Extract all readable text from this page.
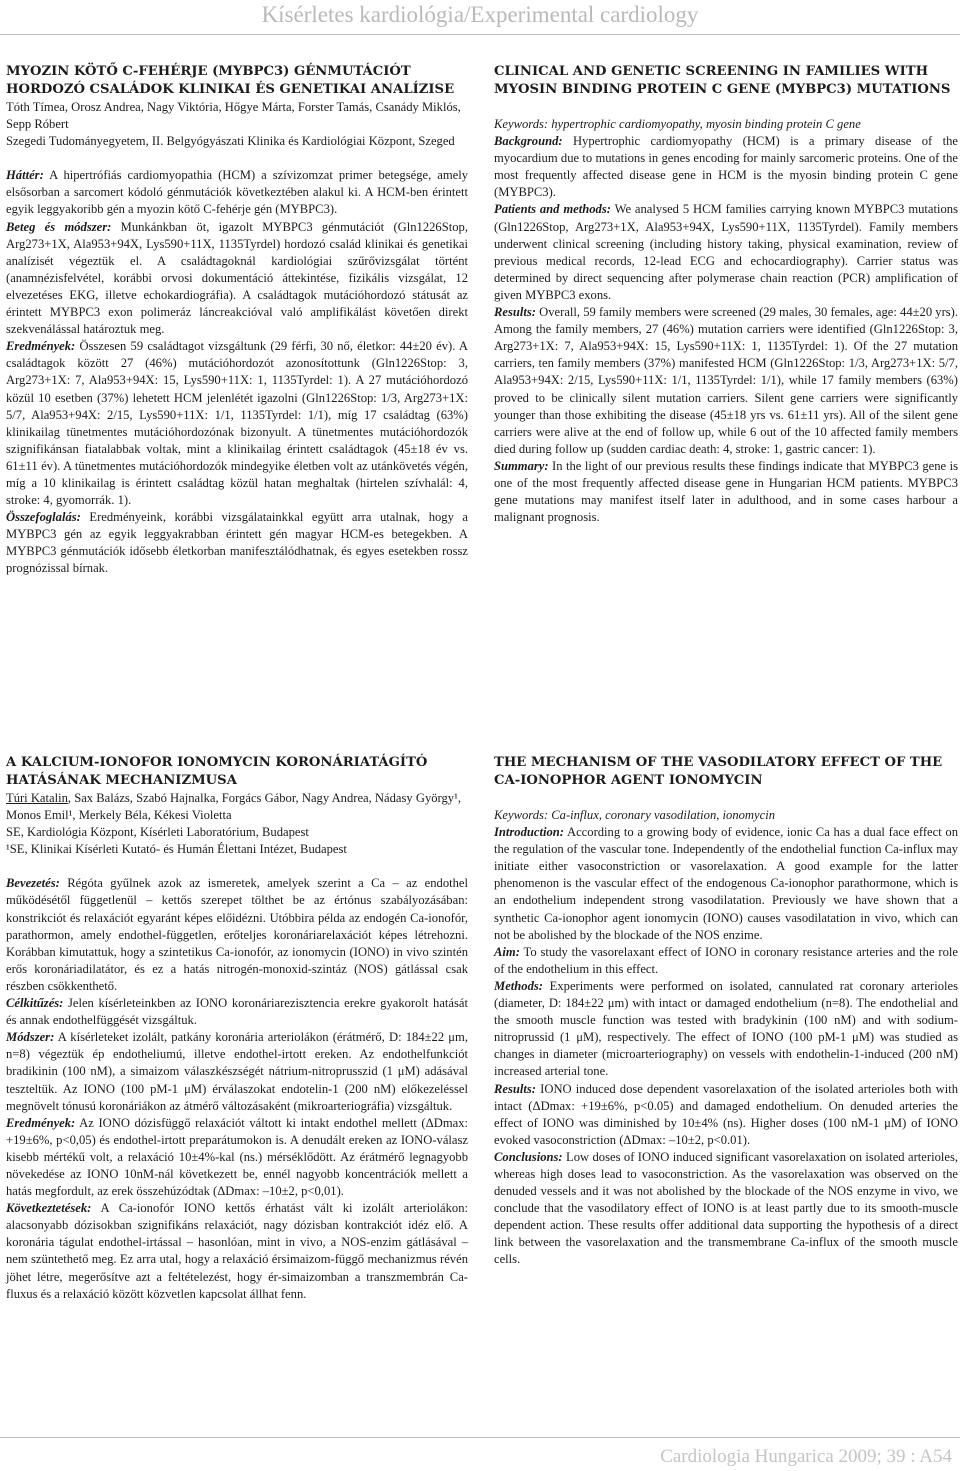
Kísérletes kardiológia/Experimental cardiology

MYOZIN KÖTŐ C-FEHÉRJE (MYBPC3) GÉNMUTÁCIÓT HORDOZÓ CSALÁDOK KLINIKAI ÉS GENETIKAI ANALÍZISE

Tóth Tímea, Orosz Andrea, Nagy Viktória, Hőgye Márta, Forster Tamás, Csanády Miklós, Sepp Róbert
Szegedi Tudományegyetem, II. Belgyógyászati Klinika és Kardiológiai Központ, Szeged

Háttér: A hipertrófiás cardiomyopathia (HCM) a szívizomzat primer betegsége, amely elsősorban a sarcomert kódoló génmutációk következtében alakul ki. A HCM-ben érintett egyik leggyakoribb gén a myozin kötő C-fehérje gén (MYBPC3).

Beteg és módszer: Munkánkban öt, igazolt MYBPC3 génmutációt (Gln1226Stop, Arg273+1X, Ala953+94X, Lys590+11X, 1135Tyrdel) hordozó család klinikai és genetikai analízisét végeztük el. A családtagoknál kardiológiai szűrővizsgálat történt (anamnézisfelvétel, korábbi orvosi dokumentáció áttekintése, fizikális vizsgálat, 12 elvezetéses EKG, illetve echokardiográfia). A családtagok mutációhordozó státusát az érintett MYBPC3 exon polimeráz láncreakcióval való amplifikálást követően direkt szekvenálással határoztuk meg.

Eredmények: Összesen 59 családtagot vizsgáltunk (29 férfi, 30 nő, életkor: 44±20 év). A családtagok között 27 (46%) mutációhordozót azonosítottunk (Gln1226Stop: 3, Arg273+1X: 7, Ala953+94X: 15, Lys590+11X: 1, 1135Tyrdel: 1). A 27 mutációhordozó közül 10 esetben (37%) lehetett HCM jelenlétét igazolni (Gln1226Stop: 1/3, Arg273+1X: 5/7, Ala953+94X: 2/15, Lys590+11X: 1/1, 1135Tyrdel: 1/1), míg 17 családtag (63%) klinikailag tünetmentes mutációhordozónak bizonyult. A tünetmentes mutációhordozók szignifikánsan fiatalabbak voltak, mint a klinikailag érintett családtagok (45±18 év vs. 61±11 év). A tünetmentes mutációhordozók mindegyike életben volt az utánkövetés végén, míg a 10 klinikailag is érintett családtag közül hatan meghaltak (hirtelen szívhalál: 4, stroke: 4, gyomorrák. 1).

Összefoglalás: Eredményeink, korábbi vizsgálatainkkal együtt arra utalnak, hogy a MYBPC3 gén az egyik leggyakrabban érintett gén magyar HCM-es betegekben. A MYBPC3 génmutációk idősebb életkorban manifesztálódhatnak, és egyes esetekben rossz prognózissal bírnak.

CLINICAL AND GENETIC SCREENING IN FAMILIES WITH MYOSIN BINDING PROTEIN C GENE (MYBPC3) MUTATIONS

Keywords: hypertrophic cardiomyopathy, myosin binding protein C gene

Background: Hypertrophic cardiomyopathy (HCM) is a primary disease of the myocardium due to mutations in genes encoding for mainly sarcomeric proteins. One of the most frequently affected disease gene in HCM is the myosin binding protein C gene (MYBPC3).

Patients and methods: We analysed 5 HCM families carrying known MYBPC3 mutations (Gln1226Stop, Arg273+1X, Ala953+94X, Lys590+11X, 1135Tyrdel). Family members underwent clinical screening (including history taking, physical examination, review of previous medical records, 12-lead ECG and echocardiography). Carrier status was determined by direct sequencing after polymerase chain reaction (PCR) amplification of given MYBPC3 exons.

Results: Overall, 59 family members were screened (29 males, 30 females, age: 44±20 yrs). Among the family members, 27 (46%) mutation carriers were identified (Gln1226Stop: 3, Arg273+1X: 7, Ala953+94X: 15, Lys590+11X: 1, 1135Tyrdel: 1). Of the 27 mutation carriers, ten family members (37%) manifested HCM (Gln1226Stop: 1/3, Arg273+1X: 5/7, Ala953+94X: 2/15, Lys590+11X: 1/1, 1135Tyrdel: 1/1), while 17 family members (63%) proved to be clinically silent mutation carriers. Silent gene carriers were significantly younger than those exhibiting the disease (45±18 yrs vs. 61±11 yrs). All of the silent gene carriers were alive at the end of follow up, while 6 out of the 10 affected family members died during follow up (sudden cardiac death: 4, stroke: 1, gastric cancer: 1).

Summary: In the light of our previous results these findings indicate that MYBPC3 gene is one of the most frequently affected disease gene in Hungarian HCM patients. MYBPC3 gene mutations may manifest itself later in adulthood, and in some cases harbour a malignant prognosis.

A KALCIUM-IONOFOR IONOMYCIN KORONÁRIATÁGÍTÓ HATÁSÁNAK MECHANIZMUSA

Túri Katalin, Sax Balázs, Szabó Hajnalka, Forgács Gábor, Nagy Andrea, Nádasy György¹, Monos Emil¹, Merkely Béla, Kékesi Violetta
SE, Kardiológia Központ, Kísérleti Laboratórium, Budapest
¹SE, Klinikai Kísérleti Kutató- és Humán Élettani Intézet, Budapest

Bevezetés: Régóta gyűlnek azok az ismeretek, amelyek szerint a Ca – az endothel működésétől függetlenül – kettős szerepet tölthet be az értónus szabályozásában: konstrikciót és relaxációt egyaránt képes előidézni. Utóbbira példa az endogén Ca-ionofór, parathormon, amely endothel-független, erőteljes koronáriarelaxációt képes létrehozni. Korábban kimutattuk, hogy a szintetikus Ca-ionofór, az ionomycin (IONO) in vivo szintén erős koronáriadilatátor, és ez a hatás nitrogén-monoxid-szintáz (NOS) gátlással csak részben csökkenthető.

Célkitűzés: Jelen kísérleteinkben az IONO koronáriarezisztencia erekre gyakorolt hatását és annak endothelfüggését vizsgáltuk.

Módszer: A kísérleteket izolált, patkány koronária arteriolákon (érátmérő, D: 184±22 μm, n=8) végeztük ép endotheliumú, illetve endothel-irtott ereken. Az endothelfunkciót bradikinin (100 nM), a simaizom válaszkészségét nátrium-nitroprusszid (1 μM) adásával teszteltük. Az IONO (100 pM-1 μM) érválaszokat endotelin-1 (200 nM) előkezeléssel megnövelt tónusú koronáriákon az átmérő változásaként (mikroarteriográfia) vizsgáltuk.

Eredmények: Az IONO dózisfüggő relaxációt váltott ki intakt endothel mellett (ΔDmax: +19±6%, p<0,05) és endothel-irtott preparátumokon is. A denudált ereken az IONO-válasz kisebb mértékű volt, a relaxáció 10±4%-kal (ns.) mérséklődött. Az érátmérő legnagyobb növekedése az IONO 10nM-nál következett be, ennél nagyobb koncentrációk mellett a hatás megfordult, az erek összehúzódtak (ΔDmax: –10±2, p<0,01).

Következtetések: A Ca-ionofór IONO kettős érhatást vált ki izolált arteriolákon: alacsonyabb dózisokban szignifikáns relaxációt, nagy dózisban kontrakciót idéz elő. A koronária tágulat endothel-irtással – hasonlóan, mint in vivo, a NOS-enzim gátlásával – nem szüntethető meg. Ez arra utal, hogy a relaxáció érsimaizom-függő mechanizmus révén jöhet létre, megerősítve azt a feltételezést, hogy ér-simaizomban a transzmembrán Ca-fluxus és a relaxáció között közvetlen kapcsolat állhat fenn.

THE MECHANISM OF THE VASODILATORY EFFECT OF THE CA-IONOPHOR AGENT IONOMYCIN

Keywords: Ca-influx, coronary vasodilation, ionomycin

Introduction: According to a growing body of evidence, ionic Ca has a dual face effect on the regulation of the vascular tone. Independently of the endothelial function Ca-influx may initiate either vasoconstriction or vasorelaxation. A good example for the latter phenomenon is the vascular effect of the endogenous Ca-ionophor parathormone, which is an endothelium independent strong vasodilatation. Previously we have shown that a synthetic Ca-ionophor agent ionomycin (IONO) causes vasodilatation in vivo, which can not be abolished by the blockade of the NOS enzime.

Aim: To study the vasorelaxant effect of IONO in coronary resistance arteries and the role of the endothelium in this effect.

Methods: Experiments were performed on isolated, cannulated rat coronary arterioles (diameter, D: 184±22 μm) with intact or damaged endothelium (n=8). The endothelial and the smooth muscle function was tested with bradykinin (100 nM) and with sodium-nitroprussid (1 μM), respectively. The effect of IONO (100 pM-1 μM) was studied as changes in diameter (microarteriography) on vessels with endothelin-1-induced (200 nM) increased arterial tone.

Results: IONO induced dose dependent vasorelaxation of the isolated arterioles both with intact (ΔDmax: +19±6%, p<0.05) and damaged endothelium. On denuded arteries the effect of IONO was diminished by 10±4% (ns). Higher doses (100 nM-1 μM) of IONO evoked vasoconstriction (ΔDmax: –10±2, p<0.01).

Conclusions: Low doses of IONO induced significant vasorelaxation on isolated arterioles, whereas high doses lead to vasoconstriction. As the vasorelaxation was observed on the denuded vessels and it was not abolished by the blockade of the NOS enzyme in vivo, we conclude that the vasodilatory effect of IONO is at least partly due to its smooth-muscle dependent action. These results offer additional data supporting the hypothesis of a direct link between the vasorelaxation and the transmembrane Ca-influx of the smooth muscle cells.

Cardiologia Hungarica 2009; 39 : A54
